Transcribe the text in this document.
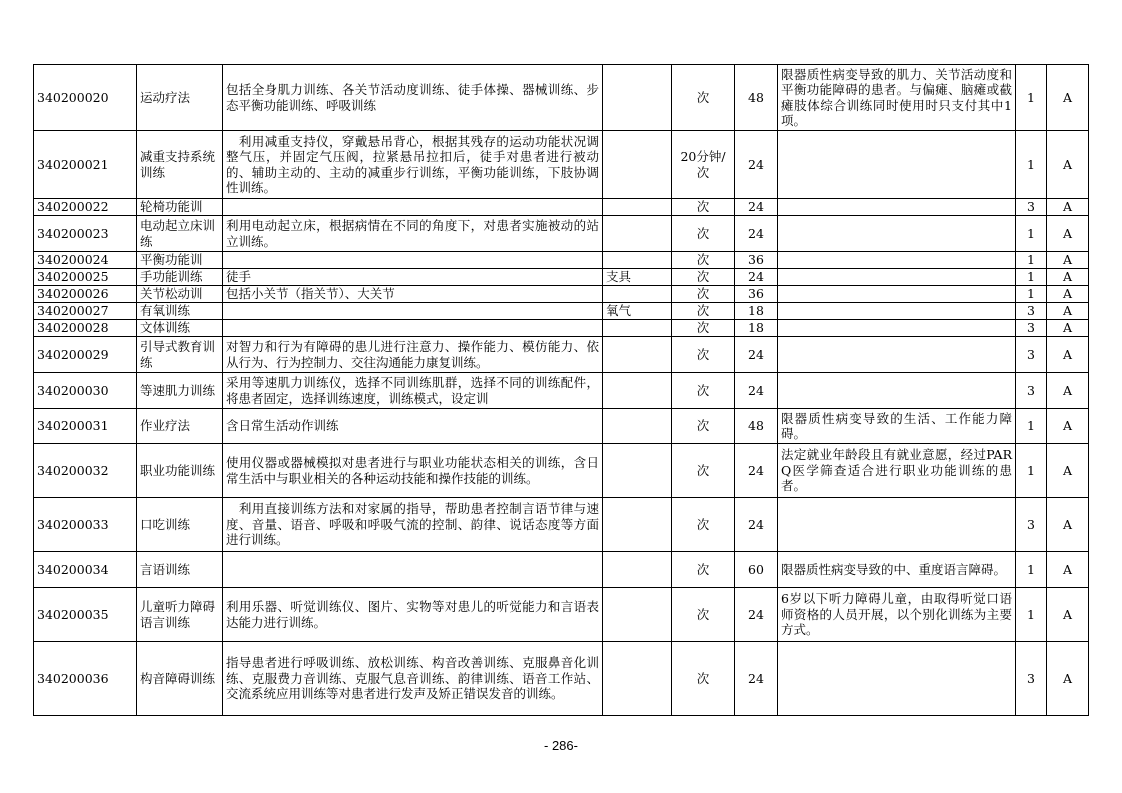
340200020	运动疗法	包括全身肌力训练、各关节活动度训练、徒手体操、器械训练、步态平衡功能训练、呼吸训练		次	48	限器质性病变导致的肌力、关节活动度和平衡功能障碍的患者。与偏瘫、脑瘫或截瘫肢体综合训练同时使用时只支付其中1项。	1	A
340200021	减重支持系统训练	　利用减重支持仪，穿戴悬吊背心，根据其残存的运动功能状况调整气压，并固定气压阀，拉紧悬吊拉扣后，徒手对患者进行被动的、辅助主动的、主动的减重步行训练，平衡功能训练，下肢协调性训练。		20分钟/次	24		1	A
340200022	轮椅功能训			次	24		3	A
340200023	电动起立床训练	利用电动起立床，根据病情在不同的角度下，对患者实施被动的站立训练。		次	24		1	A
340200024	平衡功能训			次	36		1	A
340200025	手功能训练	徒手	支具	次	24		1	A
340200026	关节松动训	包括小关节（指关节）、大关节		次	36		1	A
340200027	有氧训练		氧气	次	18		3	A
340200028	文体训练			次	18		3	A
340200029	引导式教育训练	对智力和行为有障碍的患儿进行注意力、操作能力、模仿能力、依从行为、行为控制力、交往沟通能力康复训练。		次	24		3	A
340200030	等速肌力训练	采用等速肌力训练仪，选择不同训练肌群，选择不同的训练配件，将患者固定，选择训练速度，训练模式，设定训		次	24		3	A
340200031	作业疗法	含日常生活动作训练		次	48	限器质性病变导致的生活、工作能力障碍。	1	A
340200032	职业功能训练	使用仪器或器械模拟对患者进行与职业功能状态相关的训练，含日常生活中与职业相关的各种运动技能和操作技能的训练。		次	24	法定就业年龄段且有就业意愿，经过PARQ医学筛查适合进行职业功能训练的患者。	1	A
340200033	口吃训练	　利用直接训练方法和对家属的指导，帮助患者控制言语节律与速度、音量、语音、呼吸和呼吸气流的控制、韵律、说话态度等方面进行训练。		次	24		3	A
340200034	言语训练			次	60	限器质性病变导致的中、重度语言障碍。	1	A
340200035	儿童听力障碍语言训练	利用乐器、听觉训练仪、图片、实物等对患儿的听觉能力和言语表达能力进行训练。		次	24	6岁以下听力障碍儿童，由取得听觉口语师资格的人员开展，以个别化训练为主要方式。	1	A
340200036	构音障碍训练	指导患者进行呼吸训练、放松训练、构音改善训练、克服鼻音化训练、克服费力音训练、克服气息音训练、韵律训练、语音工作站、交流系统应用训练等对患者进行发声及矫正错误发音的训练。		次	24		3	A
- 286-
